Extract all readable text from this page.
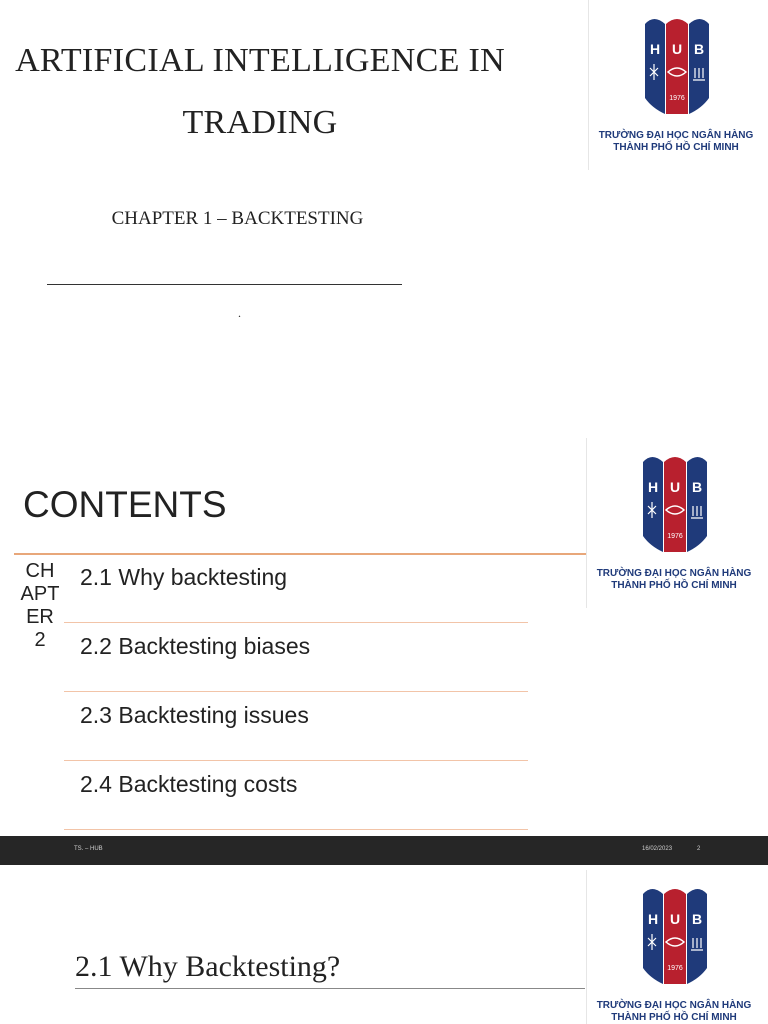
ARTIFICIAL INTELLIGENCE IN
TRADING
CHAPTER 1 – BACKTESTING
.
H U B
1976
TRƯỜNG ĐẠI HỌC NGÂN HÀNG
THÀNH PHỐ HỒ CHÍ MINH
CONTENTS
CHAPTER 2
2.1 Why backtesting
2.2 Backtesting biases
2.3 Backtesting issues
2.4 Backtesting costs
H U B
1976
TRƯỜNG ĐẠI HỌC NGÂN HÀNG
THÀNH PHỐ HỒ CHÍ MINH
TS. – HUB	16/02/2023	2
2.1 Why Backtesting?
H U B
1976
TRƯỜNG ĐẠI HỌC NGÂN HÀNG
THÀNH PHỐ HỒ CHÍ MINH
